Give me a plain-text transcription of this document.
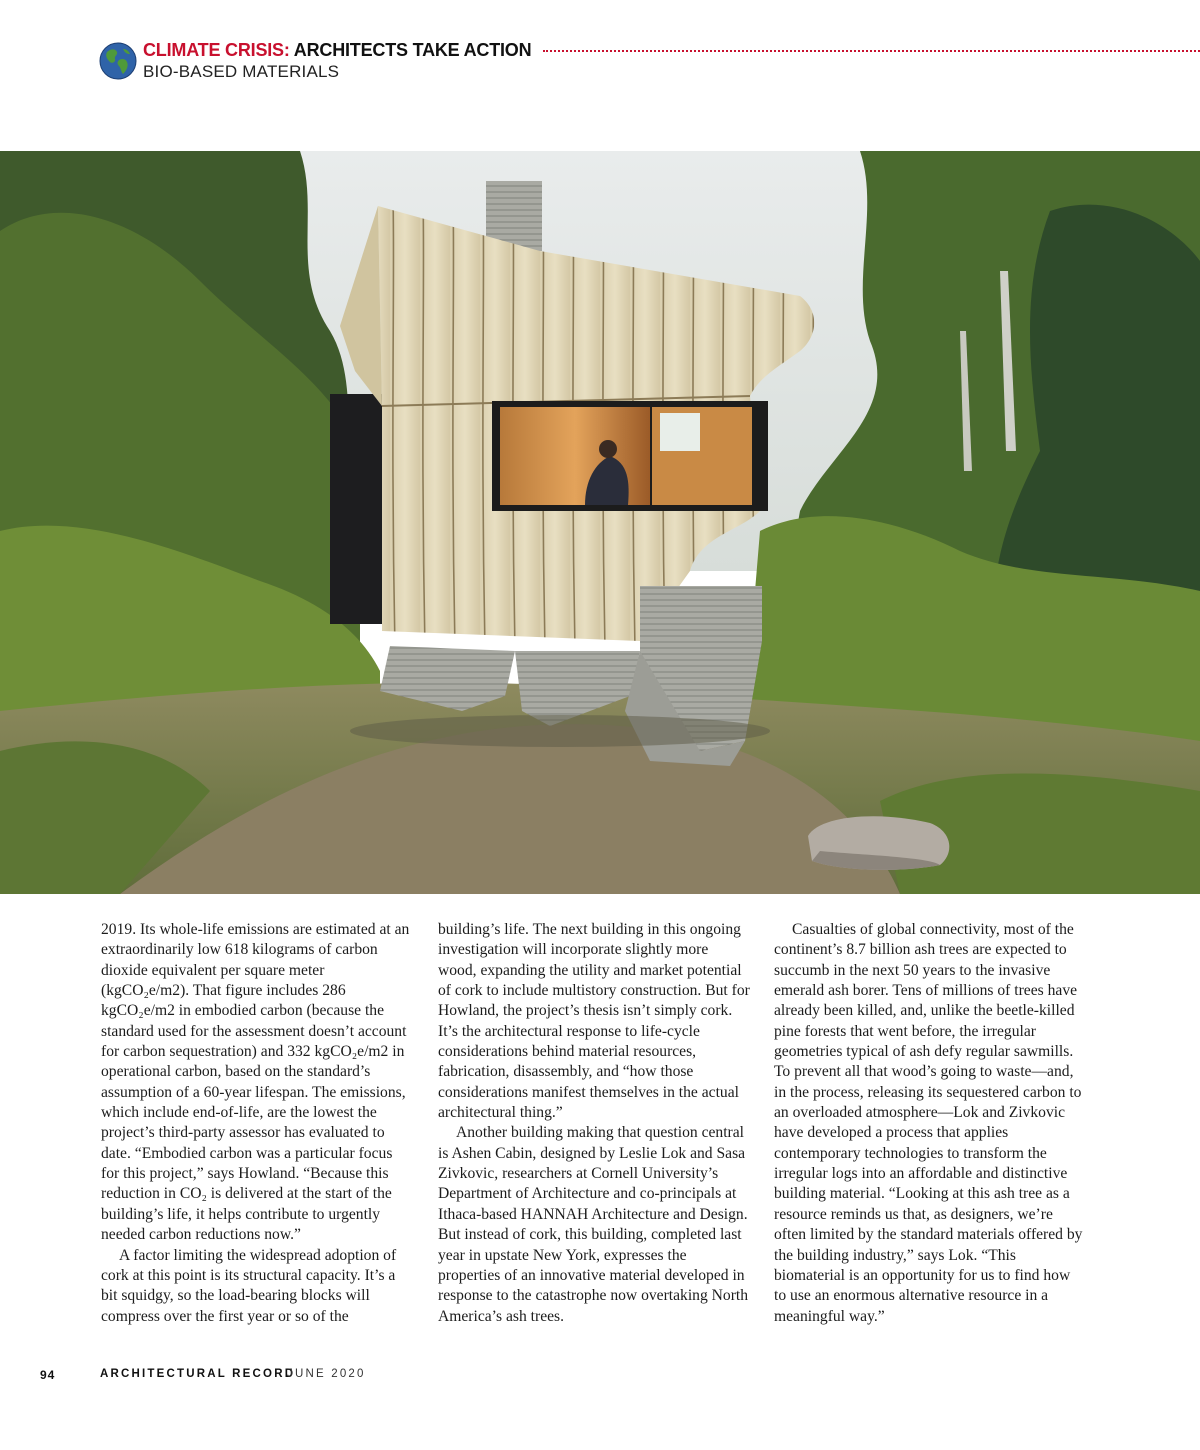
CLIMATE CRISIS: ARCHITECTS TAKE ACTION
BIO-BASED MATERIALS

2019. Its whole-life emissions are estimated at an extraordinarily low 618 kilograms of carbon dioxide equivalent per square meter (kgCO₂e/m2). That figure includes 286 kgCO₂e/m2 in embodied carbon (because the standard used for the assessment doesn’t account for carbon sequestration) and 332 kgCO₂e/m2 in operational carbon, based on the standard’s assumption of a 60-year lifespan. The emissions, which include end-of-life, are the lowest the project’s third-party assessor has evaluated to date. “Embodied carbon was a particular focus for this project,” says Howland. “Because this reduction in CO₂ is delivered at the start of the building’s life, it helps contribute to urgently needed carbon reductions now.”

A factor limiting the widespread adoption of cork at this point is its structural capacity. It’s a bit squidgy, so the load-bearing blocks will compress over the first year or so of the

building’s life. The next building in this ongoing investigation will incorporate slightly more wood, expanding the utility and market potential of cork to include multistory construction. But for Howland, the project’s thesis isn’t simply cork. It’s the architectural response to life-cycle considerations behind material resources, fabrication, disassembly, and “how those considerations manifest themselves in the actual architectural thing.”

Another building making that question central is Ashen Cabin, designed by Leslie Lok and Sasa Zivkovic, researchers at Cornell University’s Department of Architecture and co-principals at Ithaca-based HANNAH Architecture and Design. But instead of cork, this building, completed last year in upstate New York, expresses the properties of an innovative material developed in response to the catastrophe now overtaking North America’s ash trees.

Casualties of global connectivity, most of the continent’s 8.7 billion ash trees are expected to succumb in the next 50 years to the invasive emerald ash borer. Tens of millions of trees have already been killed, and, unlike the beetle-killed pine forests that went before, the irregular geometries typical of ash defy regular sawmills. To prevent all that wood’s going to waste—and, in the process, releasing its sequestered carbon to an overloaded atmosphere—Lok and Zivkovic have developed a process that applies contemporary technologies to transform the irregular logs into an affordable and distinctive building material. “Looking at this ash tree as a resource reminds us that, as designers, we’re often limited by the standard materials offered by the building industry,” says Lok. “This biomaterial is an opportunity for us to find how to use an enormous alternative resource in a meaningful way.”

94	ARCHITECTURAL RECORD
JUNE 2020
